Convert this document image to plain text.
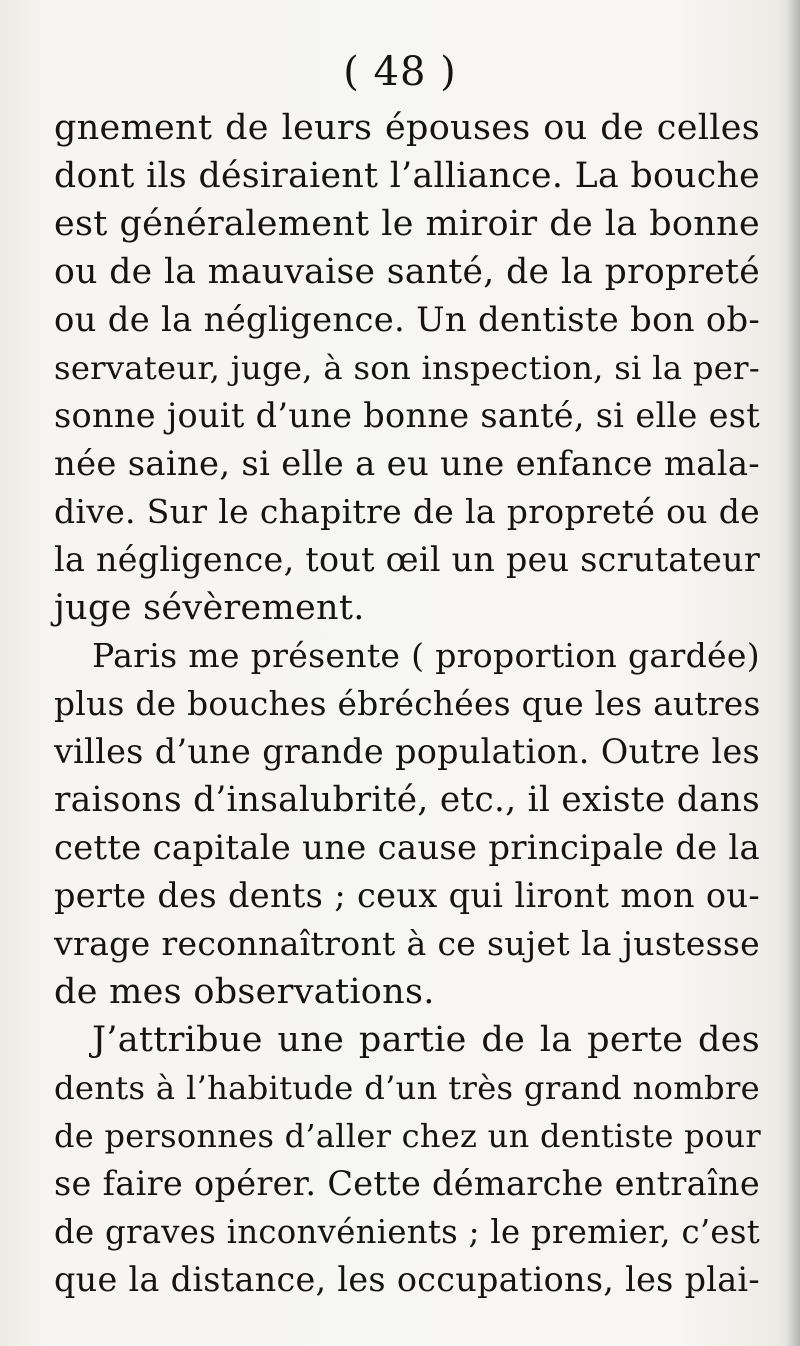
( 48 )
gnement de leurs épouses ou de celles
dont ils désiraient l’alliance. La bouche
est généralement le miroir de la bonne
ou de la mauvaise santé, de la propreté
ou de la négligence. Un dentiste bon ob-
servateur, juge, à son inspection, si la per-
sonne jouit d’une bonne santé, si elle est
née saine, si elle a eu une enfance mala-
dive. Sur le chapitre de la propreté ou de
la négligence, tout œil un peu scrutateur
juge sévèrement.
Paris me présente ( proportion gardée)
plus de bouches ébréchées que les autres
villes d’une grande population. Outre les
raisons d’insalubrité, etc., il existe dans
cette capitale une cause principale de la
perte des dents ; ceux qui liront mon ou-
vrage reconnaîtront à ce sujet la justesse
de mes observations.
J’attribue une partie de la perte des
dents à l’habitude d’un très grand nombre
de personnes d’aller chez un dentiste pour
se faire opérer. Cette démarche entraîne
de graves inconvénients ; le premier, c’est
que la distance, les occupations, les plai-
